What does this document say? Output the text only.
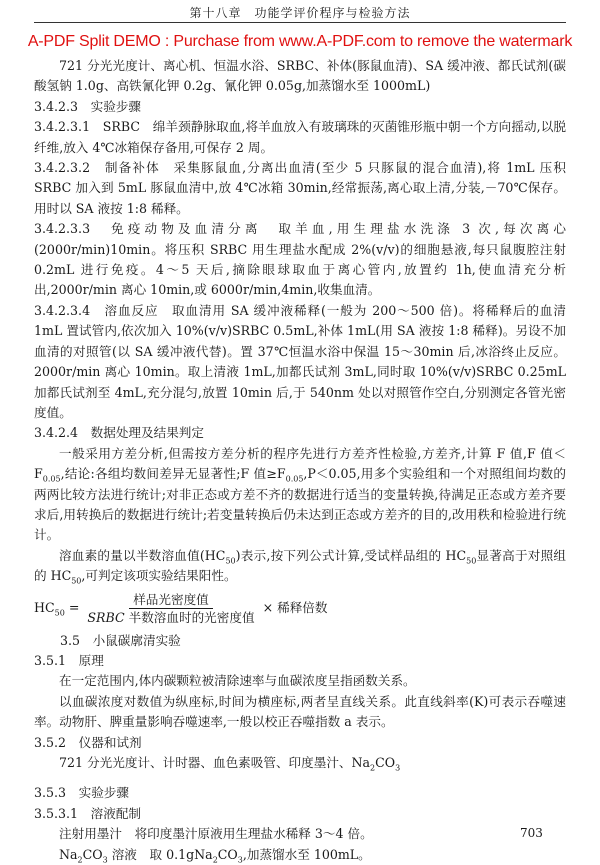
第十八章　功能学评价程序与检验方法
A-PDF Split DEMO : Purchase from www.A-PDF.com to remove the watermark

721 分光光度计、离心机、恒温水浴、SRBC、补体(豚鼠血清)、SA 缓冲液、都氏试剂(碳酸氢钠 1.0g、高铁氰化钾 0.2g、氰化钾 0.05g,加蒸馏水至 1000mL)

3.4.2.3　实验步骤

3.4.2.3.1　SRBC　绵羊颈静脉取血,将羊血放入有玻璃珠的灭菌锥形瓶中朝一个方向摇动,以脱纤维,放入 4℃冰箱保存备用,可保存 2 周。

3.4.2.3.2　制备补体　采集豚鼠血,分离出血清(至少 5 只豚鼠的混合血清),将 1mL 压积 SRBC 加入到 5mL 豚鼠血清中,放 4℃冰箱 30min,经常振荡,离心取上清,分装,－70℃保存。用时以 SA 液按 1:8 稀释。

3.4.2.3.3　免疫动物及血清分离　取羊血,用生理盐水洗涤 3 次,每次离心(2000r/min)10min。将压积 SRBC 用生理盐水配成 2%(v/v)的细胞悬液,每只鼠腹腔注射 0.2mL 进行免疫。4～5 天后,摘除眼球取血于离心管内,放置约 1h,使血清充分析出,2000r/min 离心 10min,或 6000r/min,4min,收集血清。

3.4.2.3.4　溶血反应　取血清用 SA 缓冲液稀释(一般为 200～500 倍)。将稀释后的血清 1mL 置试管内,依次加入 10%(v/v)SRBC 0.5mL,补体 1mL(用 SA 液按 1:8 稀释)。另设不加血清的对照管(以 SA 缓冲液代替)。置 37℃恒温水浴中保温 15～30min 后,冰浴终止反应。2000r/min 离心 10min。取上清液 1mL,加都氏试剂 3mL,同时取 10%(v/v)SRBC 0.25mL 加都氏试剂至 4mL,充分混匀,放置 10min 后,于 540nm 处以对照管作空白,分别测定各管光密度值。

3.4.2.4　数据处理及结果判定

一般采用方差分析,但需按方差分析的程序先进行方差齐性检验,方差齐,计算 F 值,F 值$<F_{0.05}$,结论:各组均数间差异无显著性;F 值$\ge F_{0.05},P<0.05$,用多个实验组和一个对照组间均数的两两比较方法进行统计;对非正态或方差不齐的数据进行适当的变量转换,待满足正态或方差齐要求后,用转换后的数据进行统计;若变量转换后仍未达到正态或方差齐的目的,改用秩和检验进行统计。

溶血素的量以半数溶血值$(HC_{50})$表示,按下列公式计算,受试样品组的 $HC_{50}$显著高于对照组的 $HC_{50}$,可判定该项实验结果阳性。

$HC_{50} = \frac{\text{样品光密度值}}{\text{SRBC 半数溶血时的光密度值}}$ × 稀释倍数

3.5　小鼠碳廓清实验

3.5.1　原理

在一定范围内,体内碳颗粒被清除速率与血碳浓度呈指函数关系。

以血碳浓度对数值为纵座标,时间为横座标,两者呈直线关系。此直线斜率(K)可表示吞噬速率。动物肝、脾重量影响吞噬速率,一般以校正吞噬指数 a 表示。

3.5.2　仪器和试剂

721 分光光度计、计时器、血色素吸管、印度墨汁、$Na_2CO_3$

3.5.3　实验步骤

3.5.3.1　溶液配制

注射用墨汁　将印度墨汁原液用生理盐水稀释 3～4 倍。

$Na_2CO_3$ 溶液　取 $0.1gNa_2CO_3$,加蒸馏水至 100mL。

703
